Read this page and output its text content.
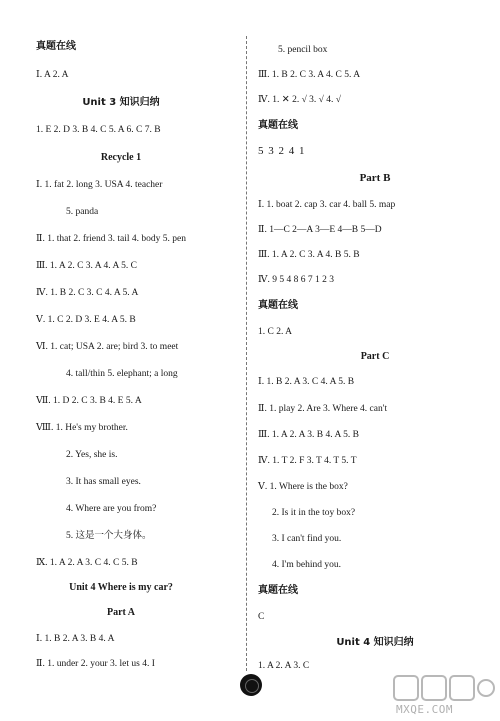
真题在线
Ⅰ. A 2. A
Unit 3 知识归纳
1. E 2. D 3. B 4. C 5. A 6. C 7. B
Recycle 1
Ⅰ. 1. fat 2. long 3. USA 4. teacher
5. panda
Ⅱ. 1. that 2. friend 3. tail 4. body 5. pen
Ⅲ. 1. A 2. C 3. A 4. A 5. C
Ⅳ. 1. B 2. C 3. C 4. A 5. A
Ⅴ. 1. C 2. D 3. E 4. A 5. B
Ⅵ. 1. cat; USA 2. are; bird 3. to meet
4. tall/thin 5. elephant; a long
Ⅶ. 1. D 2. C 3. B 4. E 5. A
Ⅷ. 1. He's my brother.
2. Yes, she is.
3. It has small eyes.
4. Where are you from?
5. 这是一个大身体。
Ⅸ. 1. A 2. A 3. C 4. C 5. B
Unit 4 Where is my car?
Part A
Ⅰ. 1. B 2. A 3. B 4. A
Ⅱ. 1. under 2. your 3. let us 4. I
5. pencil box
Ⅲ. 1. B 2. C 3. A 4. C 5. A
Ⅳ. 1. ✕ 2. √ 3. √ 4. √
真题在线
5 3 2 4 1
Part B
Ⅰ. 1. boat 2. cap 3. car 4. ball 5. map
Ⅱ. 1—C 2—A 3—E 4—B 5—D
Ⅲ. 1. A 2. C 3. A 4. B 5. B
Ⅳ. 9 5 4 8 6 7 1 2 3
真题在线
1. C 2. A
Part C
Ⅰ. 1. B 2. A 3. C 4. A 5. B
Ⅱ. 1. play 2. Are 3. Where 4. can't
Ⅲ. 1. A 2. A 3. B 4. A 5. B
Ⅳ. 1. T 2. F 3. T 4. T 5. T
Ⅴ. 1. Where is the box?
2. Is it in the toy box?
3. I can't find you.
4. I'm behind you.
真题在线
C
Unit 4 知识归纳
1. A 2. A 3. C
MXQE.COM
